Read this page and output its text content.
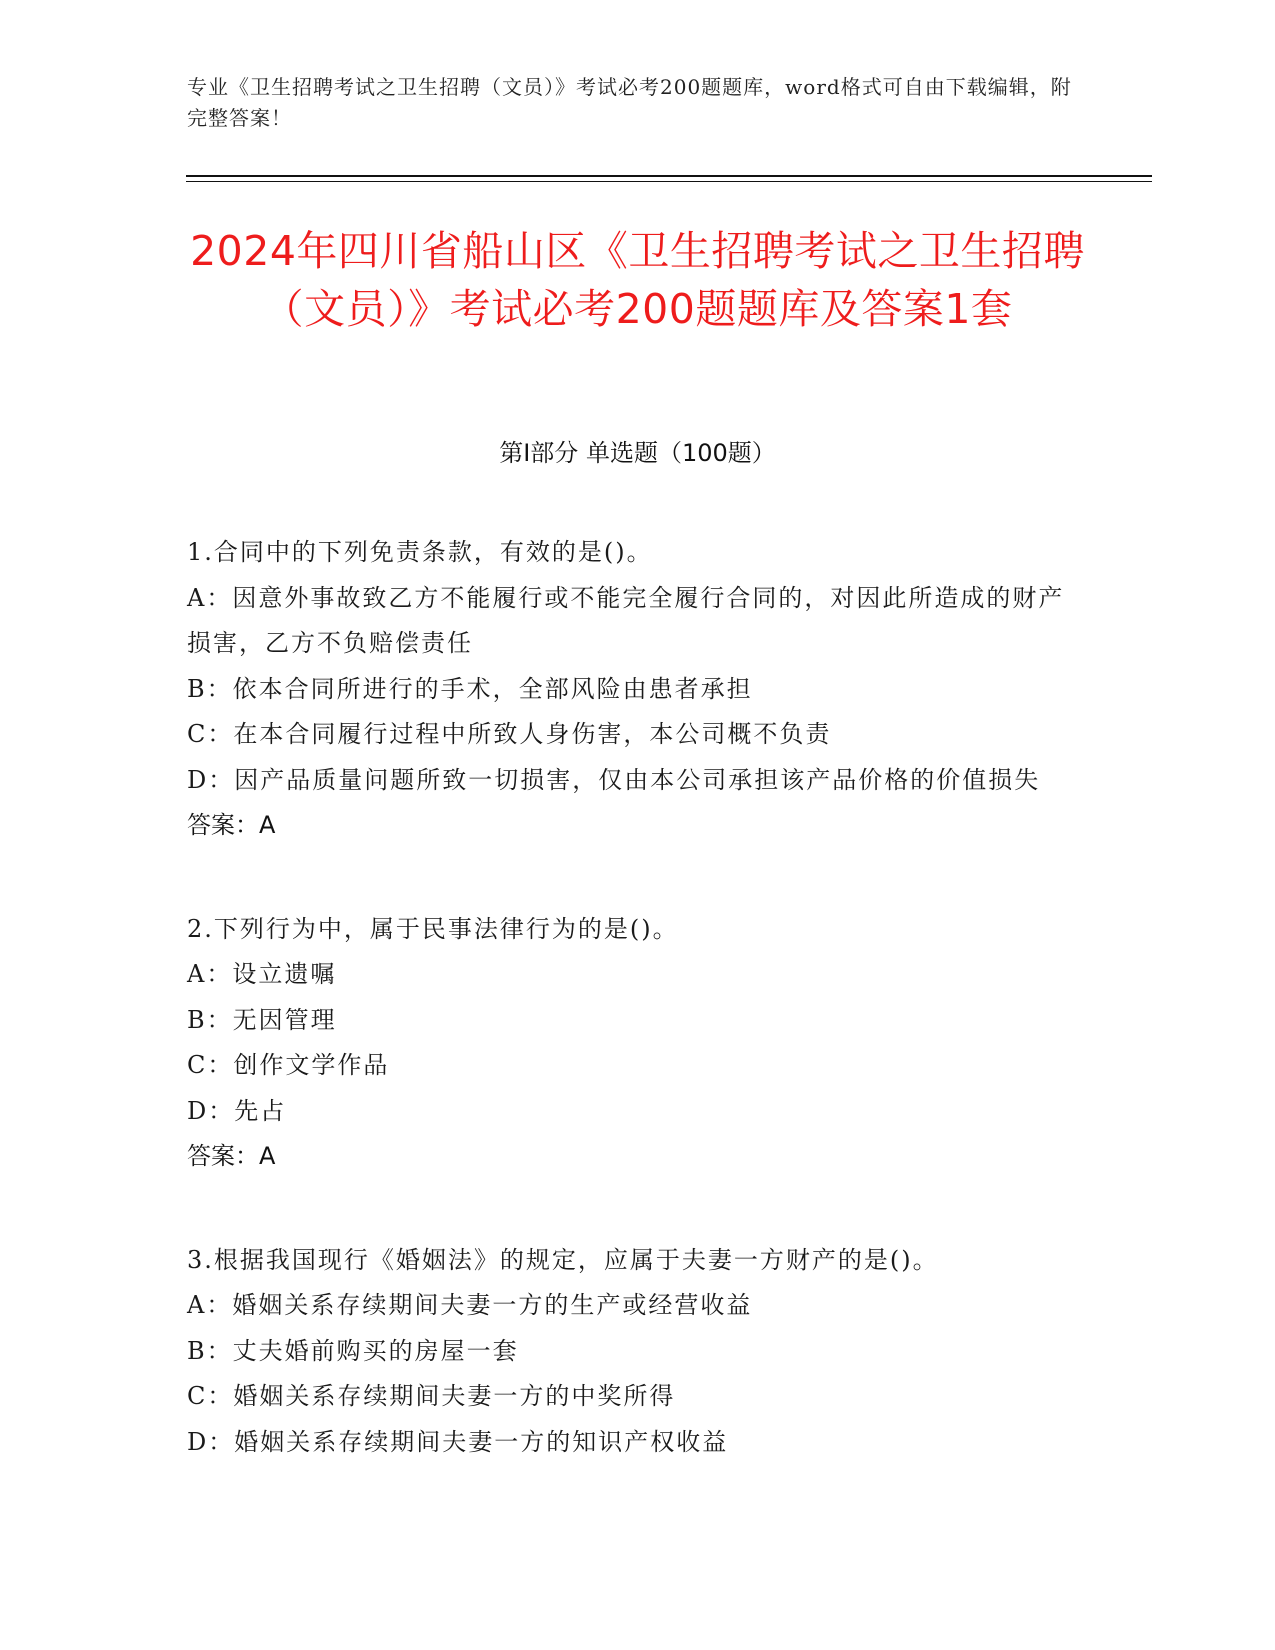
专业《卫生招聘考试之卫生招聘（文员）》考试必考200题题库，word格式可自由下载编辑，附完整答案！
2024年四川省船山区《卫生招聘考试之卫生招聘（文员）》考试必考200题题库及答案1套
第Ⅰ部分 单选题（100题）
1.合同中的下列免责条款，有效的是()。
A：因意外事故致乙方不能履行或不能完全履行合同的，对因此所造成的财产损害，乙方不负赔偿责任
B：依本合同所进行的手术，全部风险由患者承担
C：在本合同履行过程中所致人身伤害，本公司概不负责
D：因产品质量问题所致一切损害，仅由本公司承担该产品价格的价值损失
答案：A
2.下列行为中，属于民事法律行为的是()。
A：设立遗嘱
B：无因管理
C：创作文学作品
D：先占
答案：A
3.根据我国现行《婚姻法》的规定，应属于夫妻一方财产的是()。
A：婚姻关系存续期间夫妻一方的生产或经营收益
B：丈夫婚前购买的房屋一套
C：婚姻关系存续期间夫妻一方的中奖所得
D：婚姻关系存续期间夫妻一方的知识产权收益
